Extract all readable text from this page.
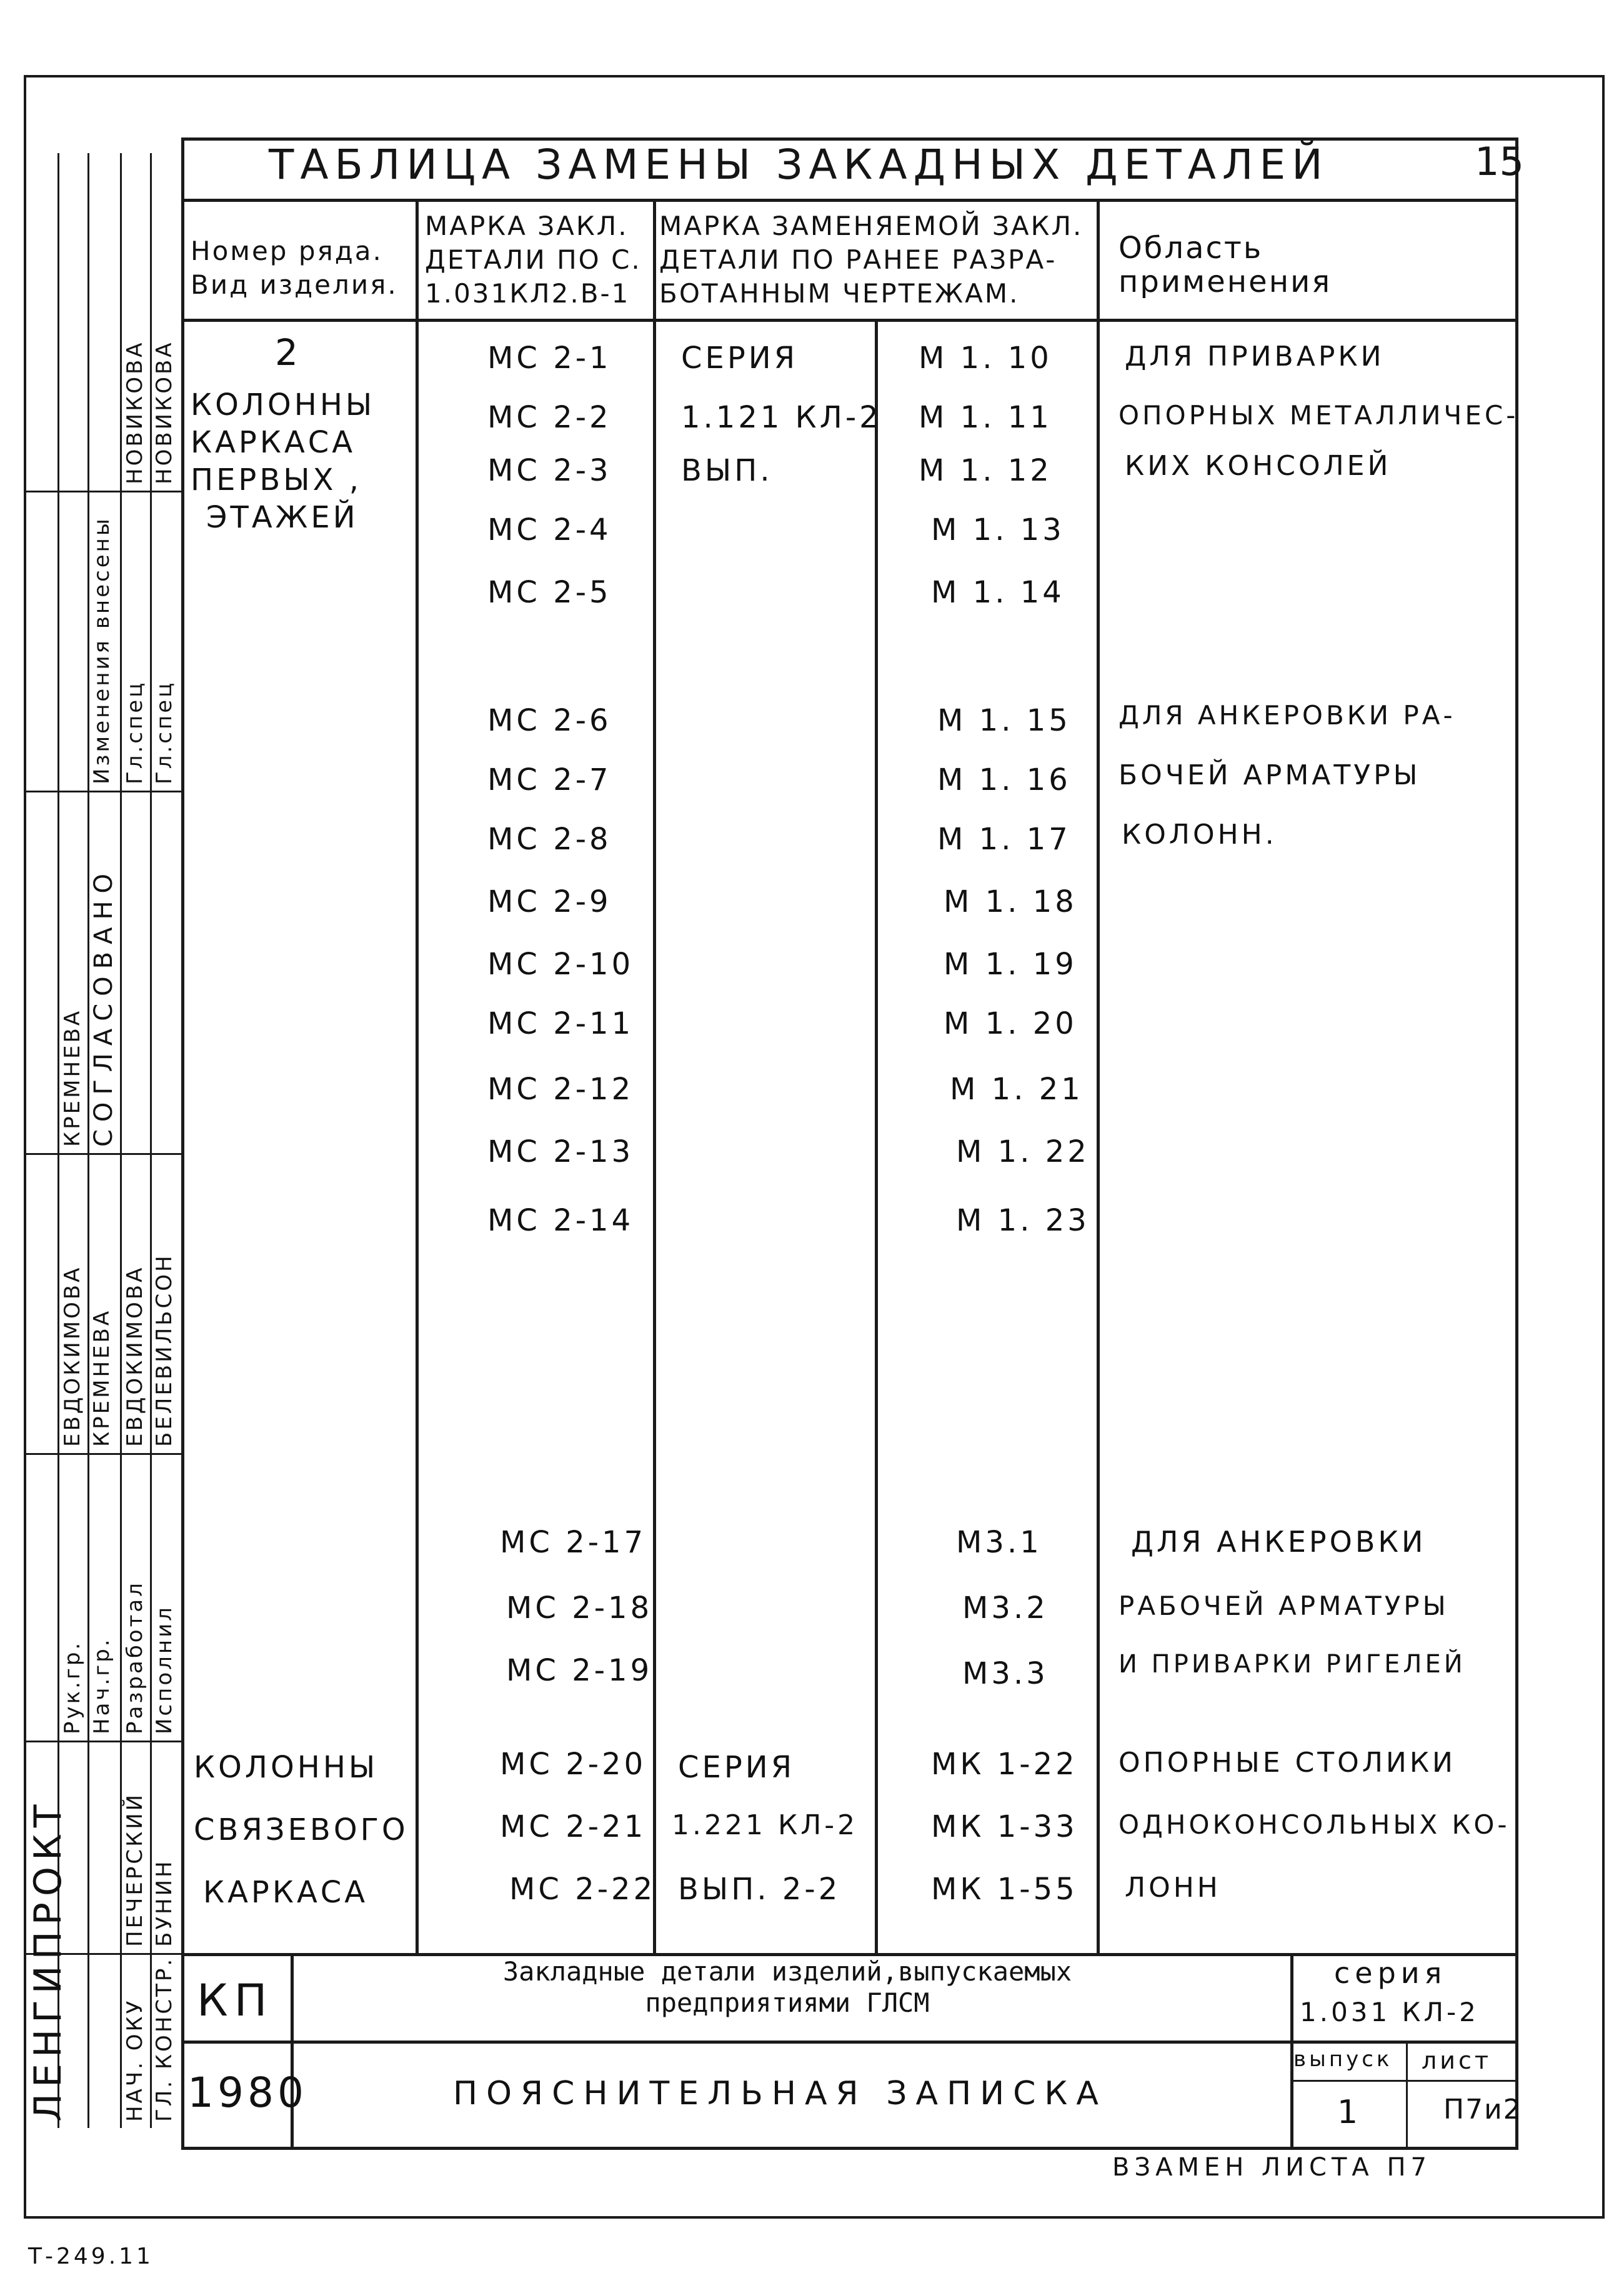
ТАБЛИЦА ЗАМЕНЫ ЗАКАДНЫХ ДЕТАЛЕЙ	15
Номер ряда.
Вид изделия.
МАРКА ЗАКЛ.
ДЕТАЛИ ПО С.
1.031КЛ2.В-1
МАРКА ЗАМЕНЯЕМОЙ ЗАКЛ.
ДЕТАЛИ ПО РАНЕЕ РАЗРА-
БОТАННЫМ ЧЕРТЕЖАМ.
Область
применения
2
КОЛОННЫ
КАРКАСА
ПЕРВЫХ ,
ЭТАЖЕЙ
СЕРИЯ
1.121 КЛ-2
ВЫП.
МС 2-1
МС 2-2
МС 2-3
МС 2-4
МС 2-5
МС 2-6
МС 2-7
МС 2-8
МС 2-9
МС 2-10
МС 2-11
МС 2-12
МС 2-13
МС 2-14
М 1. 10
М 1. 11
М 1. 12
М 1. 13
М 1. 14
М 1. 15
М 1. 16
М 1. 17
М 1. 18
М 1. 19
М 1. 20
М 1. 21
М 1. 22
М 1. 23
ДЛЯ ПРИВАРКИ
ОПОРНЫХ МЕТАЛЛИЧЕС-
КИХ КОНСОЛЕЙ
ДЛЯ АНКЕРОВКИ РА-
БОЧЕЙ АРМАТУРЫ
КОЛОНН.
МС 2-17
МС 2-18
МС 2-19
М3.1
М3.2
М3.3
ДЛЯ АНКЕРОВКИ
РАБОЧЕЙ АРМАТУРЫ
И ПРИВАРКИ РИГЕЛЕЙ
КОЛОННЫ
СВЯЗЕВОГО
КАРКАСА
МС 2-20
МС 2-21
МС 2-22
СЕРИЯ
1.221 КЛ-2
ВЫП. 2-2
МК 1-22
МК 1-33
МК 1-55
ОПОРНЫЕ СТОЛИКИ
ОДНОКОНСОЛЬНЫХ КО-
ЛОНН
КП
1980
Закладные детали изделий,выпускаемых
предприятиями ГЛСМ
ПОЯСНИТЕЛЬНАЯ ЗАПИСКА
серия
1.031 КЛ-2
выпуск
1
лист
П7и2
ВЗАМЕН ЛИСТА П7
Т-249.11
ЛЕНГИПРОКТ НАЧ. ОКУ ГЛ. КОНСТР.
ПЕЧЕРСКИЙ БУНИН
Рук.гр. Нач.гр. Разработал Исполнил
ЕВДОКИМОВА КРЕМНЕВА ЕВДОКИМОВА БЕЛЕВИЛЬСОН
СОГЛАСОВАНО
КРЕМНЕВА
Гл.спец Гл.спец
Изменения внесены
НОВИКОВА НОВИКОВА
